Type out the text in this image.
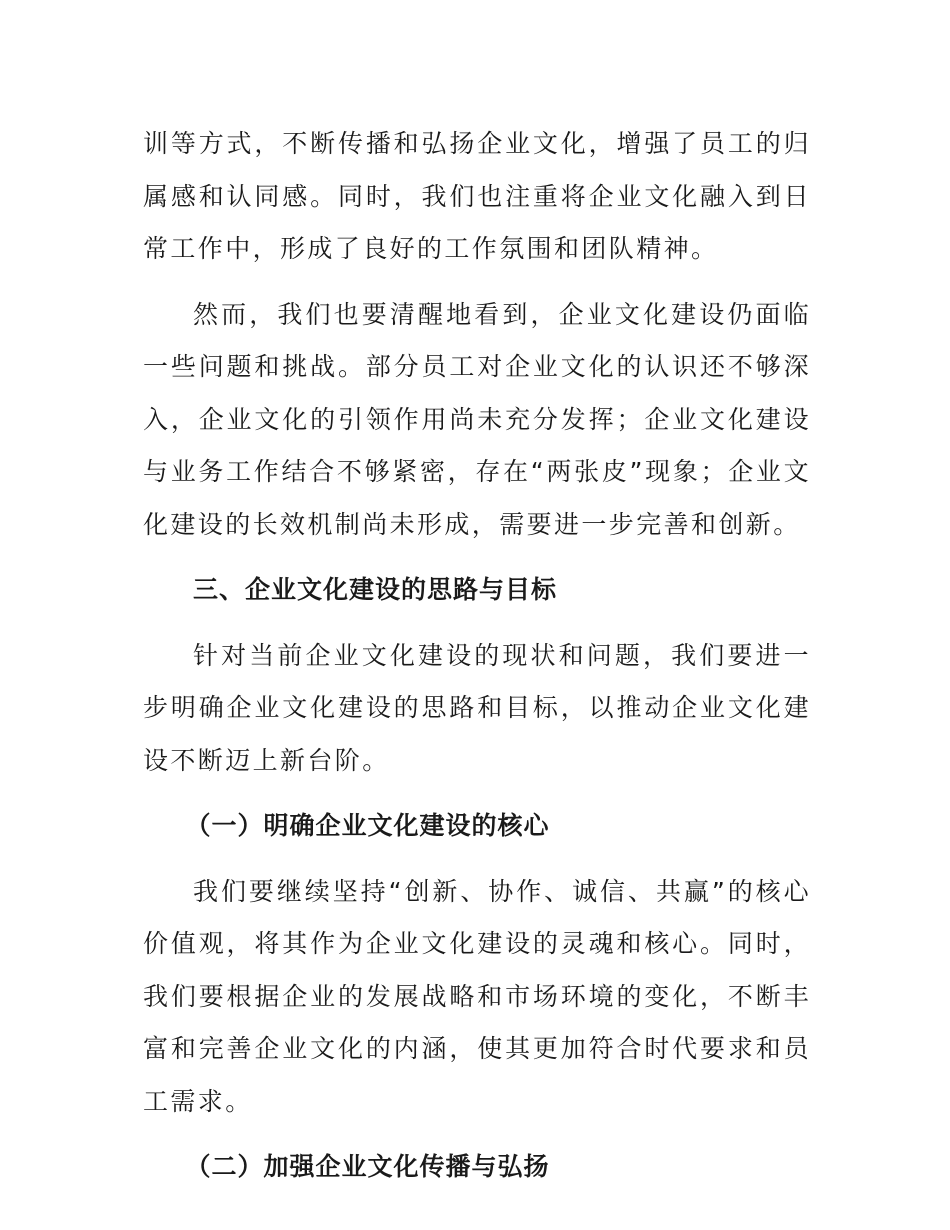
训等方式，不断传播和弘扬企业文化，增强了员工的归属感和认同感。同时，我们也注重将企业文化融入到日常工作中，形成了良好的工作氛围和团队精神。

然而，我们也要清醒地看到，企业文化建设仍面临一些问题和挑战。部分员工对企业文化的认识还不够深入，企业文化的引领作用尚未充分发挥；企业文化建设与业务工作结合不够紧密，存在“两张皮”现象；企业文化建设的长效机制尚未形成，需要进一步完善和创新。

三、企业文化建设的思路与目标

针对当前企业文化建设的现状和问题，我们要进一步明确企业文化建设的思路和目标，以推动企业文化建设不断迈上新台阶。

（一）明确企业文化建设的核心

我们要继续坚持“创新、协作、诚信、共赢”的核心价值观，将其作为企业文化建设的灵魂和核心。同时，我们要根据企业的发展战略和市场环境的变化，不断丰富和完善企业文化的内涵，使其更加符合时代要求和员工需求。

（二）加强企业文化传播与弘扬
